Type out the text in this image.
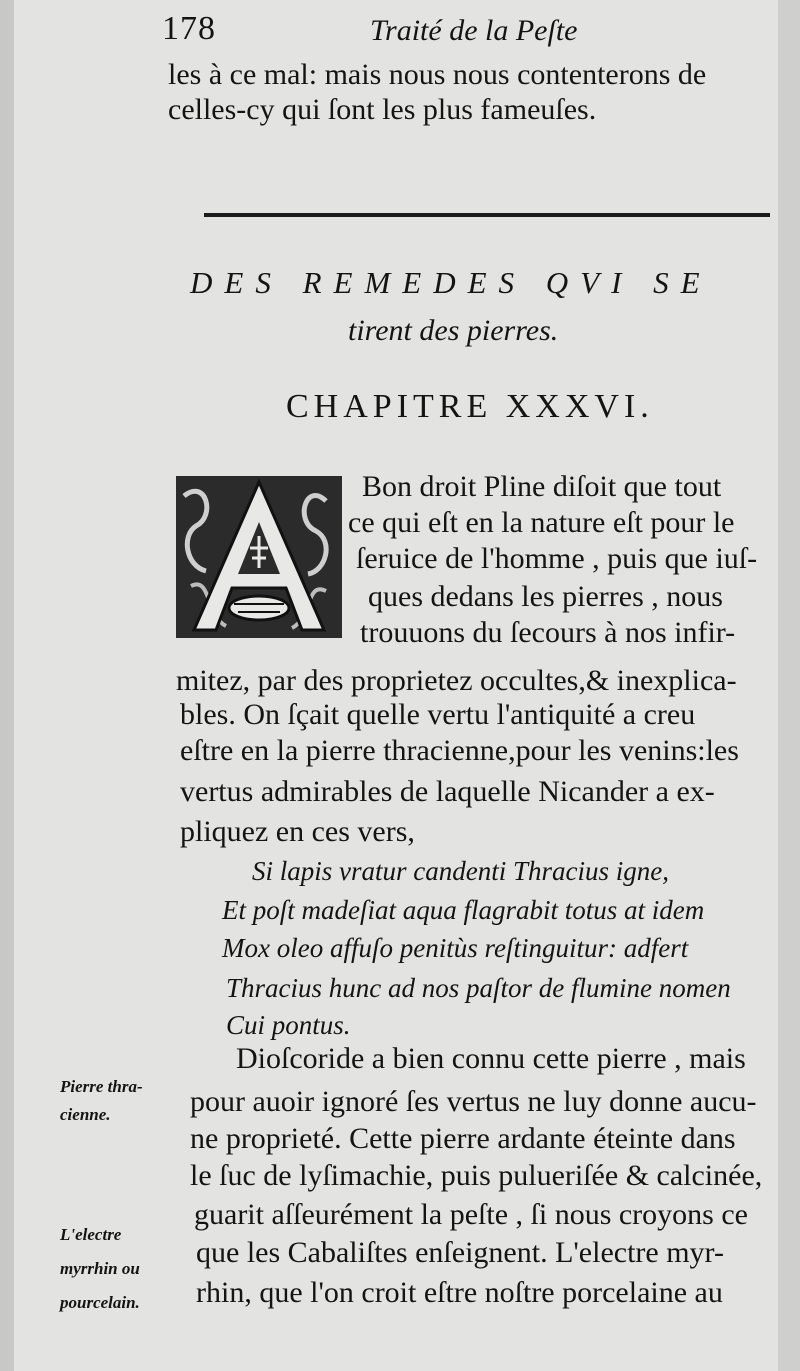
178	Traité de la Peſte
les à ce mal: mais nous nous contenterons de
celles-cy qui ſont les plus fameuſes.
DES REMEDES QVI SE
tirent des pierres.
CHAPITRE XXXVI.
A
Bon droit Pline diſoit que tout
ce qui eſt en la nature eſt pour le
ſeruice de l'homme , puis que iuſ-
ques dedans les pierres , nous
trouuons du ſecours à nos infir-
mitez, par des proprietez occultes,& inexplica-
bles. On ſçait quelle vertu l'antiquité a creu
eſtre en la pierre thracienne,pour les venins:les
vertus admirables de laquelle Nicander a ex-
pliquez en ces vers,
Si lapis vratur candenti Thracius igne,
Et poſt madeſiat aqua flagrabit totus at idem
Mox oleo affuſo penitùs reſtinguitur: adfert
Thracius hunc ad nos paſtor de flumine nomen
Cui pontus.
Dioſcoride a bien connu cette pierre , mais
pour auoir ignoré ſes vertus ne luy donne aucu-
ne proprieté. Cette pierre ardante éteinte dans
le ſuc de lyſimachie, puis pulueriſée & calcinée,
guarit aſſeurément la peſte , ſi nous croyons ce
que les Cabaliſtes enſeignent. L'electre myr-
rhin, que l'on croit eſtre noſtre porcelaine au
Pierre thra-
cienne.
L'electre
myrrhin ou
pourcelain.
